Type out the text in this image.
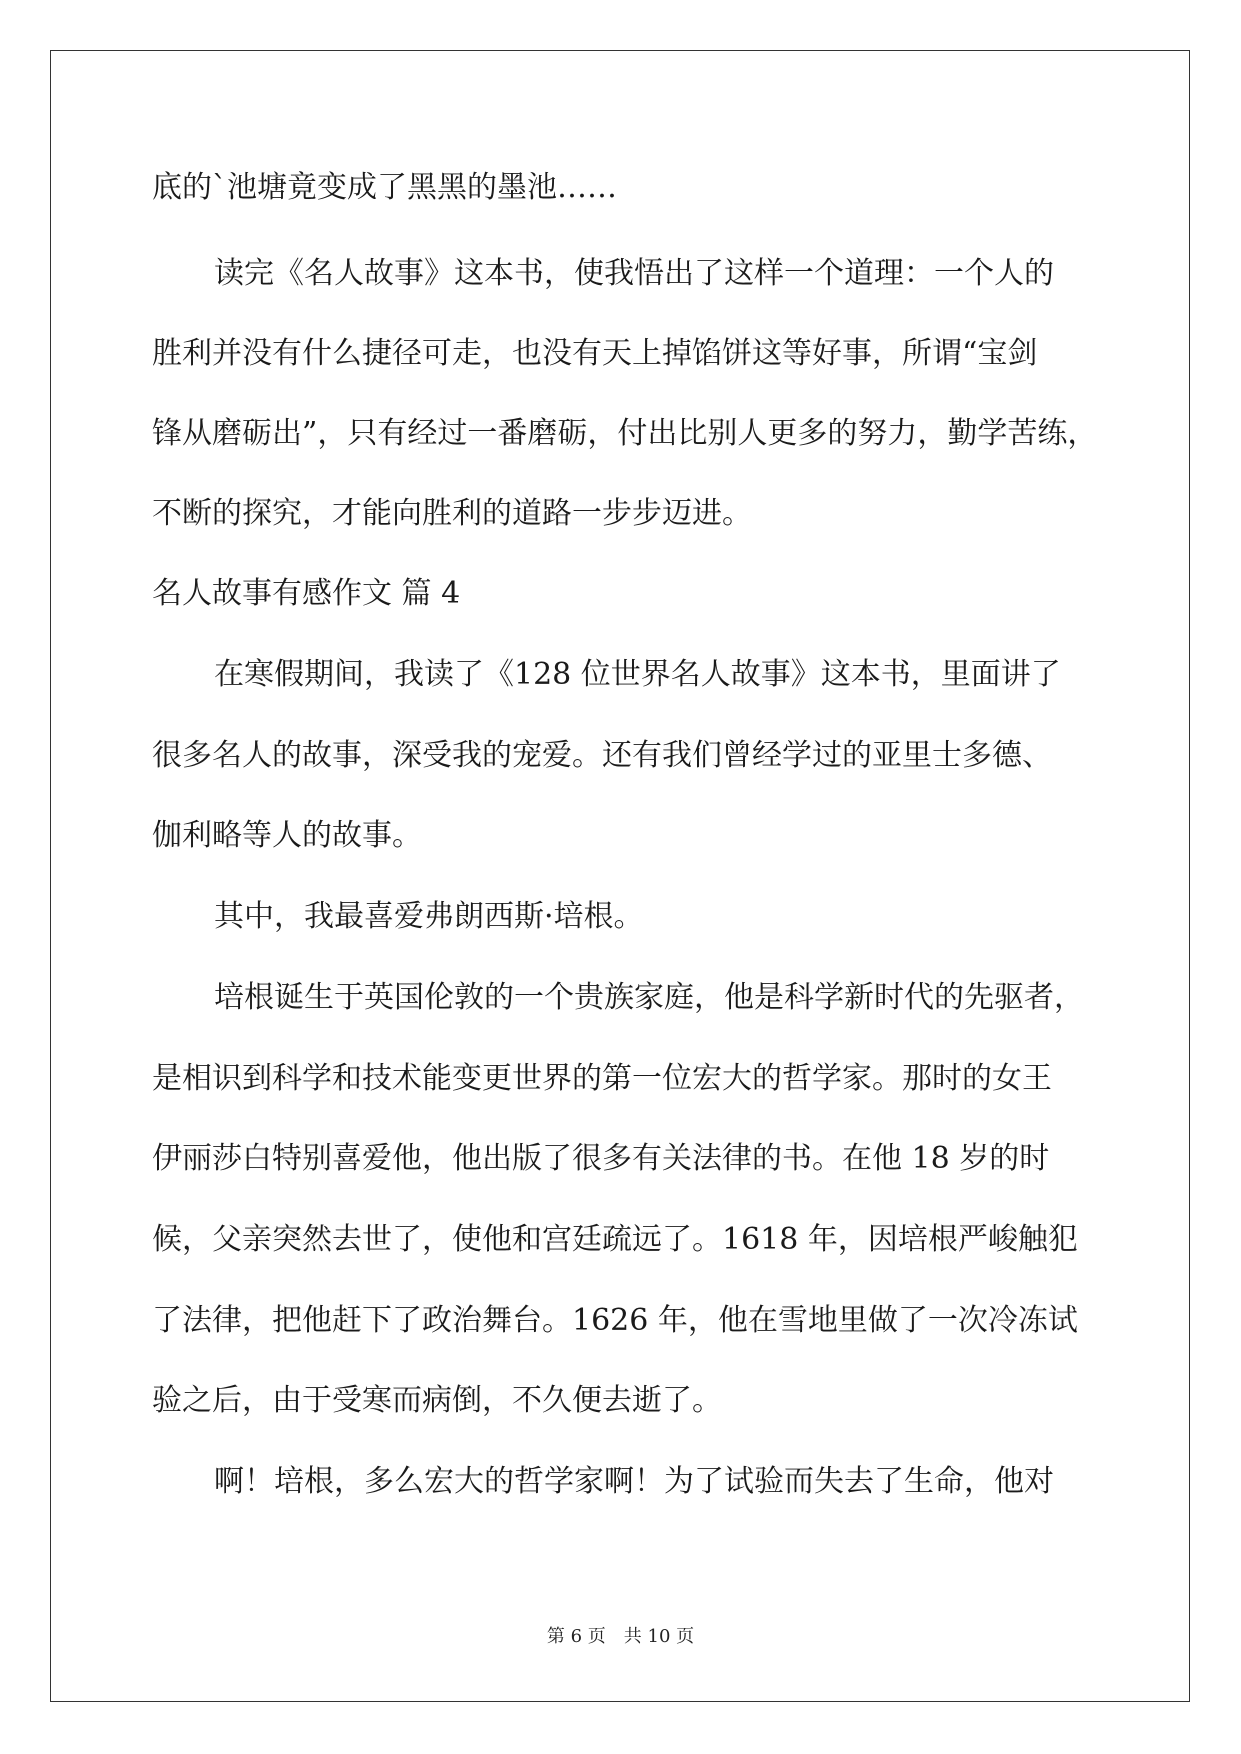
底的`池塘竟变成了黑黑的墨池……
读完《名人故事》这本书，使我悟出了这样一个道理：一个人的
胜利并没有什么捷径可走，也没有天上掉馅饼这等好事，所谓“宝剑
锋从磨砺出”，只有经过一番磨砺，付出比别人更多的努力，勤学苦练，
不断的探究，才能向胜利的道路一步步迈进。
名人故事有感作文 篇 4
在寒假期间，我读了《128 位世界名人故事》这本书，里面讲了
很多名人的故事，深受我的宠爱。还有我们曾经学过的亚里士多德、
伽利略等人的故事。
其中，我最喜爱弗朗西斯·培根。
培根诞生于英国伦敦的一个贵族家庭，他是科学新时代的先驱者，
是相识到科学和技术能变更世界的第一位宏大的哲学家。那时的女王
伊丽莎白特别喜爱他，他出版了很多有关法律的书。在他 18 岁的时
候，父亲突然去世了，使他和宫廷疏远了。1618 年，因培根严峻触犯
了法律，把他赶下了政治舞台。1626 年，他在雪地里做了一次冷冻试
验之后，由于受寒而病倒，不久便去逝了。
啊！培根，多么宏大的哲学家啊！为了试验而失去了生命，他对
第 6 页 共 10 页
